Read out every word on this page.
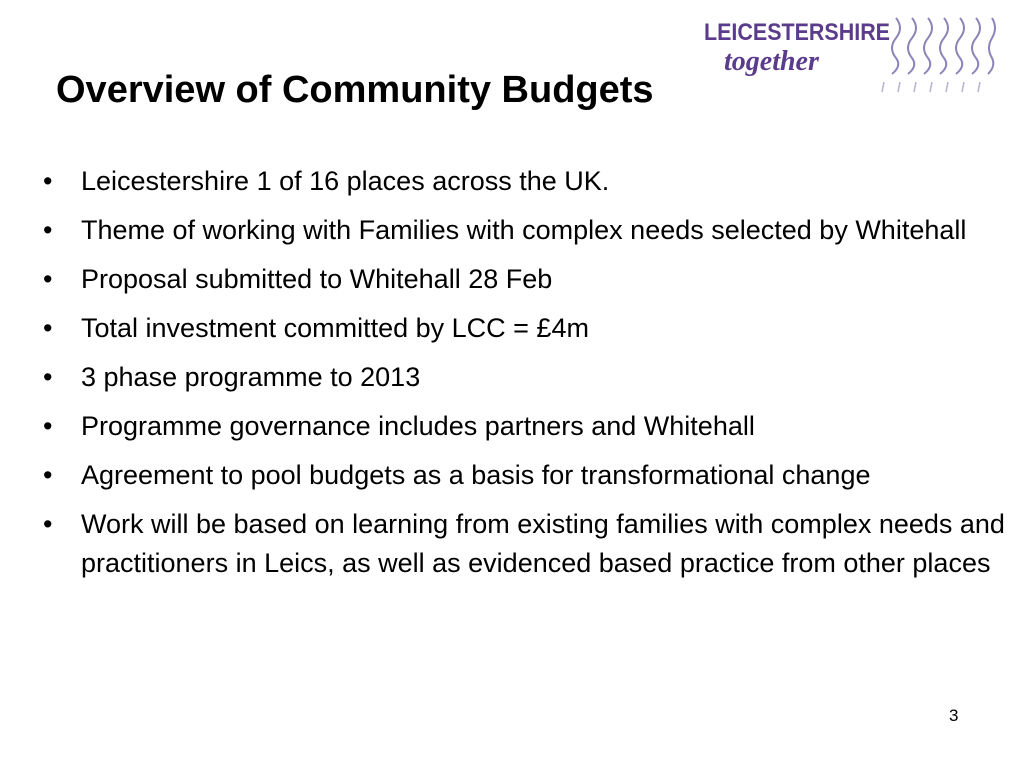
LEICESTERSHIRE
together
Overview of Community Budgets
• Leicestershire 1 of 16 places across the UK.
• Theme of working with Families with complex needs selected by Whitehall
• Proposal submitted to Whitehall 28 Feb
• Total investment committed by LCC = £4m
• 3 phase programme to 2013
• Programme governance includes partners and Whitehall
• Agreement to pool budgets as a basis for transformational change
• Work will be based on learning from existing families with complex needs and practitioners in Leics, as well as evidenced based practice from other places
3
